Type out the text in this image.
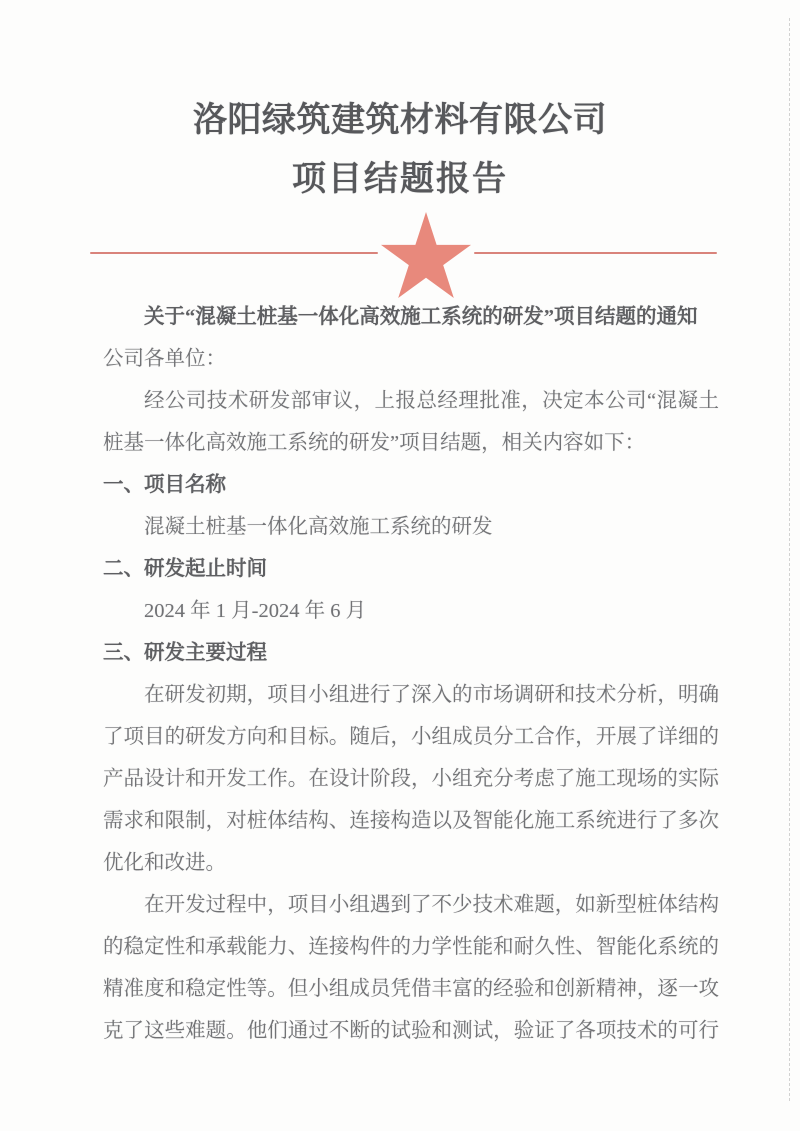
洛阳绿筑建筑材料有限公司
项目结题报告
关于“混凝土桩基一体化高效施工系统的研发”项目结题的通知
公司各单位：
经公司技术研发部审议，上报总经理批准，决定本公司“混凝土
桩基一体化高效施工系统的研发”项目结题，相关内容如下：
一、项目名称
混凝土桩基一体化高效施工系统的研发
二、研发起止时间
2024 年 1 月-2024 年 6 月
三、研发主要过程
在研发初期，项目小组进行了深入的市场调研和技术分析，明确
了项目的研发方向和目标。随后，小组成员分工合作，开展了详细的
产品设计和开发工作。在设计阶段，小组充分考虑了施工现场的实际
需求和限制，对桩体结构、连接构造以及智能化施工系统进行了多次
优化和改进。
在开发过程中，项目小组遇到了不少技术难题，如新型桩体结构
的稳定性和承载能力、连接构件的力学性能和耐久性、智能化系统的
精准度和稳定性等。但小组成员凭借丰富的经验和创新精神，逐一攻
克了这些难题。他们通过不断的试验和测试，验证了各项技术的可行
